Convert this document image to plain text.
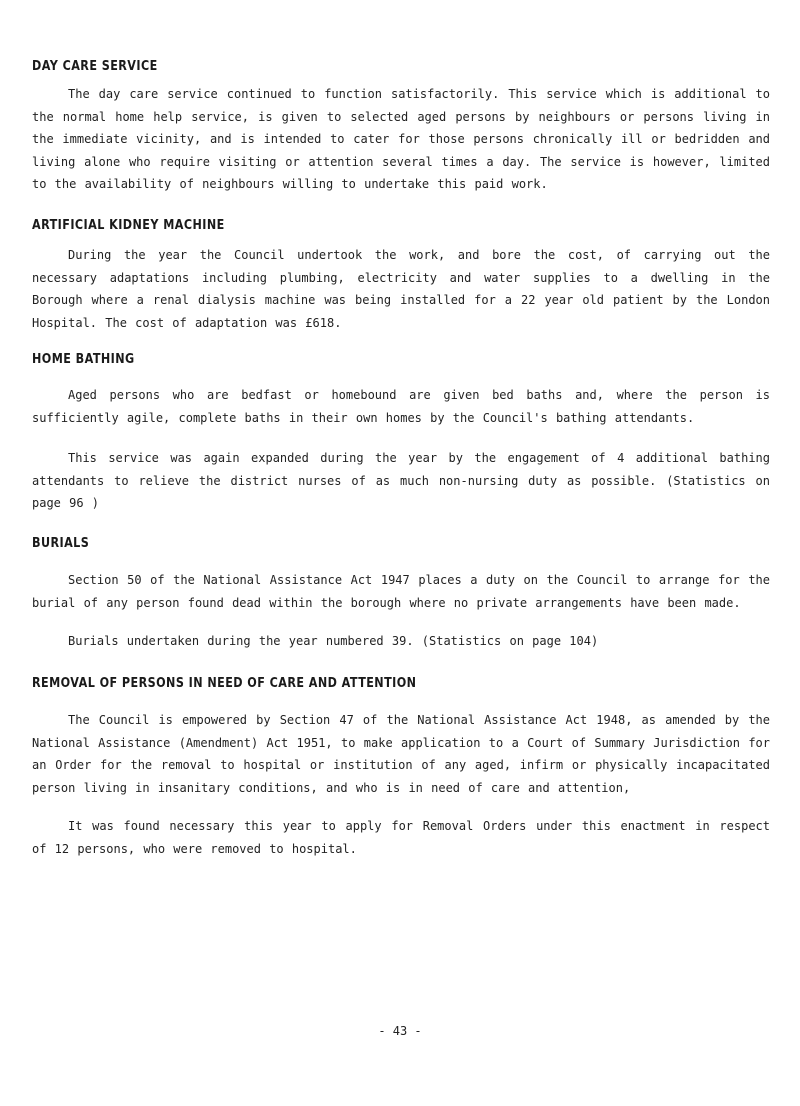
DAY CARE SERVICE

The day care service continued to function satisfactorily. This service which is additional to the normal home help service, is given to selected aged persons by neighbours or persons living in the immediate vicinity, and is intended to cater for those persons chronically ill or bedridden and living alone who require visiting or attention several times a day. The service is however, limited to the availability of neighbours willing to undertake this paid work.

ARTIFICIAL KIDNEY MACHINE

During the year the Council undertook the work, and bore the cost, of carrying out the necessary adaptations including plumbing, electricity and water supplies to a dwelling in the Borough where a renal dialysis machine was being installed for a 22 year old patient by the London Hospital. The cost of adaptation was £618.

HOME BATHING

Aged persons who are bedfast or homebound are given bed baths and, where the person is sufficiently agile, complete baths in their own homes by the Council's bathing attendants.

This service was again expanded during the year by the engagement of 4 additional bathing attendants to relieve the district nurses of as much non-nursing duty as possible. (Statistics on page 96 )

BURIALS

Section 50 of the National Assistance Act 1947 places a duty on the Council to arrange for the burial of any person found dead within the borough where no private arrangements have been made.

Burials undertaken during the year numbered 39. (Statistics on page 104)

REMOVAL OF PERSONS IN NEED OF CARE AND ATTENTION

The Council is empowered by Section 47 of the National Assistance Act 1948, as amended by the National Assistance (Amendment) Act 1951, to make application to a Court of Summary Jurisdiction for an Order for the removal to hospital or institution of any aged, infirm or physically incapacitated person living in insanitary conditions, and who is in need of care and attention,

It was found necessary this year to apply for Removal Orders under this enactment in respect of 12 persons, who were removed to hospital.

- 43 -
